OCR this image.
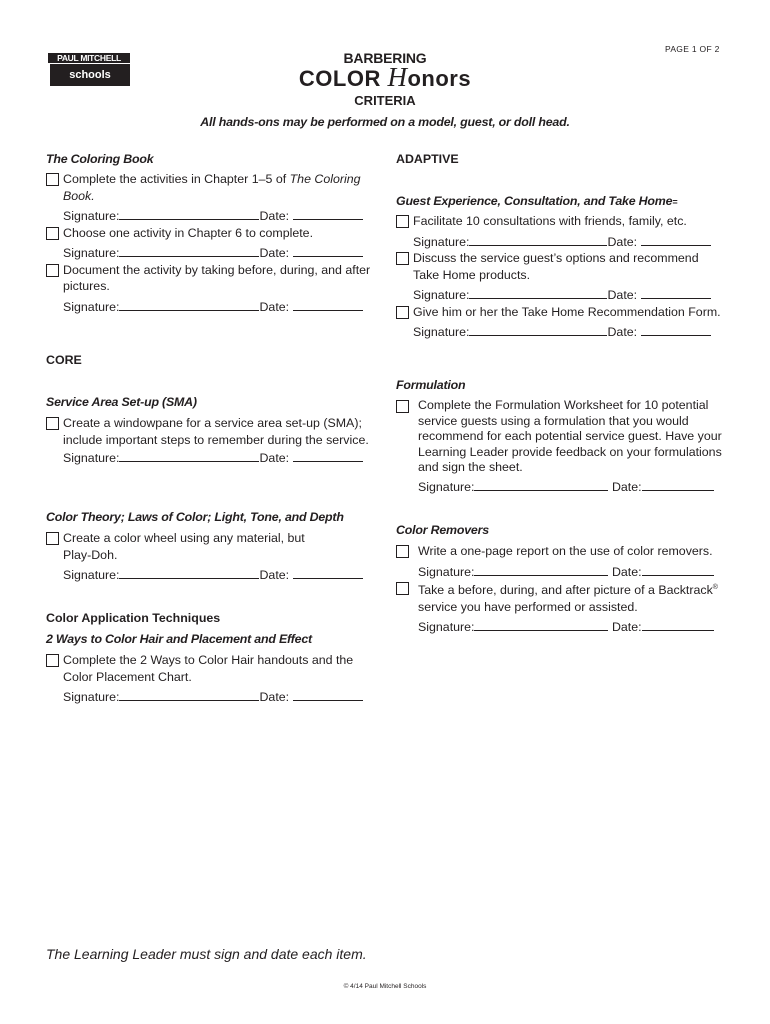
PAUL MITCHELL
schools
PAGE 1 OF 2
BARBERING
COLOR Honors
CRITERIA
All hands-ons may be performed on a model, guest, or doll head.
The Coloring Book
Complete the activities in Chapter 1–5 of The Coloring Book.
Signature:	Date:
Choose one activity in Chapter 6 to complete.
Signature:	Date:
Document the activity by taking before, during, and after pictures.
Signature:	Date:
CORE
Service Area Set-up (SMA)
Create a windowpane for a service area set-up (SMA); include important steps to remember during the service.
Signature:	Date:
Color Theory; Laws of Color; Light, Tone, and Depth
Create a color wheel using any material, but Play-Doh.
Signature:	Date:
Color Application Techniques
2 Ways to Color Hair and Placement and Effect
Complete the 2 Ways to Color Hair handouts and the Color Placement Chart.
Signature:	Date:
ADAPTIVE
Guest Experience, Consultation, and Take Home=
Facilitate 10 consultations with friends, family, etc.
Signature:	Date:
Discuss the service guest’s options and recommend Take Home products.
Signature:	Date:
Give him or her the Take Home Recommendation Form.
Signature:	Date:
Formulation
Complete the Formulation Worksheet for 10 potential service guests using a formulation that you would recommend for each potential service guest. Have your Learning Leader provide feedback on your formulations and sign the sheet.
Signature:	Date:
Color Removers
Write a one-page report on the use of color removers.
Signature:	Date:
Take a before, during, and after picture of a Backtrack®
service you have performed or assisted.
Signature:	Date:
The Learning Leader must sign and date each item.
© 4/14 Paul Mitchell Schools
